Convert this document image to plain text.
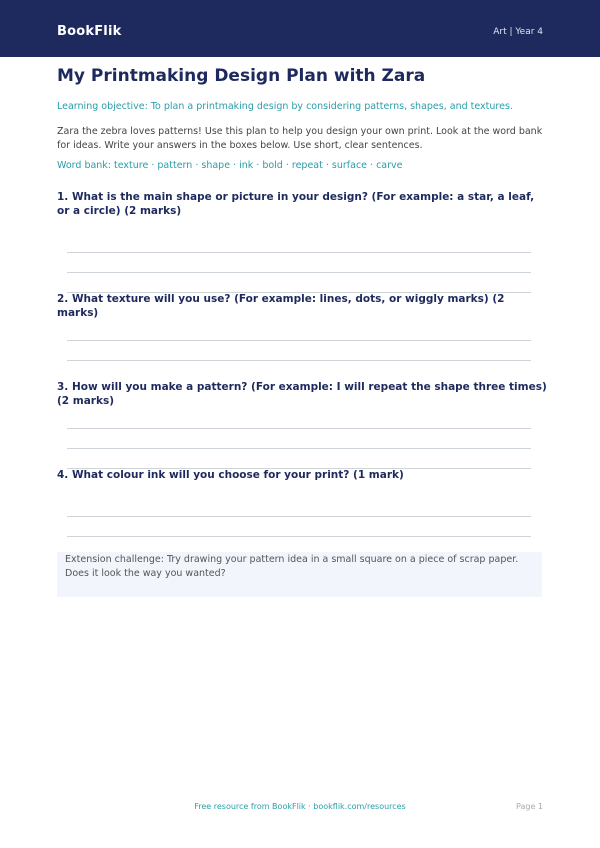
BookFlik	Art | Year 4
My Printmaking Design Plan with Zara
Learning objective: To plan a printmaking design by considering patterns, shapes, and textures.
Zara the zebra loves patterns! Use this plan to help you design your own print. Look at the word bank for ideas. Write your answers in the boxes below. Use short, clear sentences.
Word bank: texture · pattern · shape · ink · bold · repeat · surface · carve
1. What is the main shape or picture in your design? (For example: a star, a leaf, or a circle) (2 marks)
2. What texture will you use? (For example: lines, dots, or wiggly marks) (2 marks)
3. How will you make a pattern? (For example: I will repeat the shape three times) (2 marks)
4. What colour ink will you choose for your print? (1 mark)
Extension challenge: Try drawing your pattern idea in a small square on a piece of scrap paper. Does it look the way you wanted?
Free resource from BookFlik · bookflik.com/resources	Page 1
